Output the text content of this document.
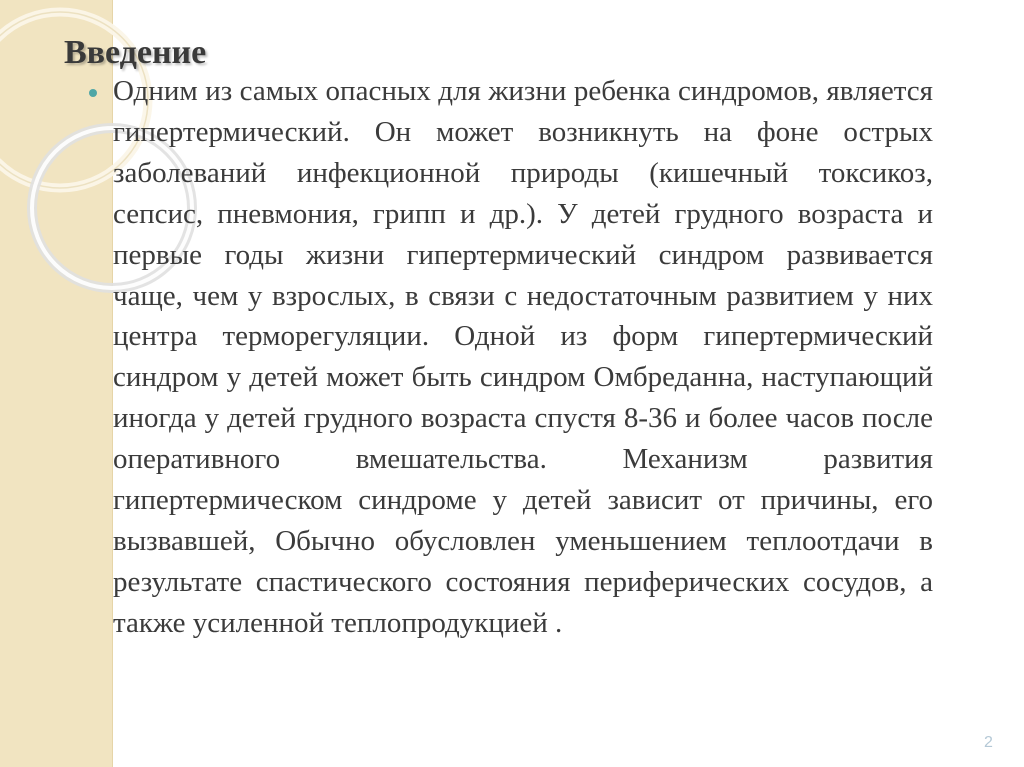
Введение

Одним из самых опасных для жизни ребенка синдромов, является гипертермический. Он может возникнуть на фоне острых заболеваний инфекционной природы (кишечный токсикоз, сепсис, пневмония, грипп и др.). У детей грудного возраста и первые годы жизни гипертермический синдром развивается чаще, чем у взрослых, в связи с недостаточным развитием у них центра терморегуляции. Одной из форм гипертермический синдром у детей может быть синдром Омбреданна, наступающий иногда у детей грудного возраста спустя 8-36 и более часов после оперативного вмешательства. Механизм развития гипертермическом синдроме у детей зависит от причины, его вызвавшей, Обычно обусловлен уменьшением теплоотдачи в результате спастического состояния периферических сосудов, а также усиленной теплопродукцией .

2
